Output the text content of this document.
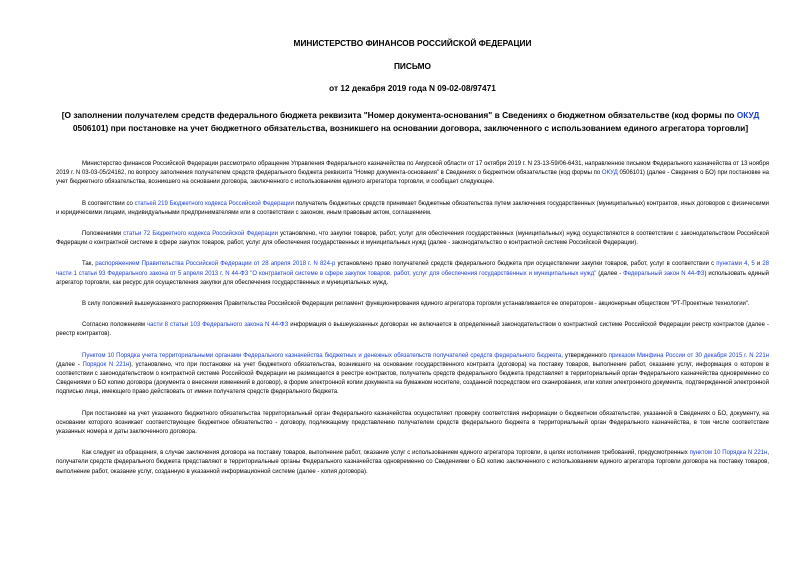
МИНИСТЕРСТВО ФИНАНСОВ РОССИЙСКОЙ ФЕДЕРАЦИИ
ПИСЬМО
от 12 декабря 2019 года N 09-02-08/97471
[О заполнении получателем средств федерального бюджета реквизита "Номер документа-основания" в Сведениях о бюджетном обязательстве (код формы по ОКУД 0506101) при постановке на учет бюджетного обязательства, возникшего на основании договора, заключенного с использованием единого агрегатора торговли]

Министерство финансов Российской Федерации рассмотрело обращение Управления Федерального казначейства по Амурской области от 17 октября 2019 г. N 23-13-59/06-6431, направленное письмом Федерального казначейства от 13 ноября 2019 г. N 03-03-05/24162, по вопросу заполнения получателем средств федерального бюджета реквизита "Номер документа-основания" в Сведениях о бюджетном обязательстве (код формы по ОКУД 0506101) (далее - Сведения о БО) при постановке на учет бюджетного обязательства, возникшего на основании договора, заключенного с использованием единого агрегатора торговли, и сообщает следующее.

В соответствии со статьей 219 Бюджетного кодекса Российской Федерации получатель бюджетных средств принимает бюджетные обязательства путем заключения государственных (муниципальных) контрактов, иных договоров с физическими и юридическими лицами, индивидуальными предпринимателями или в соответствии с законом, иным правовым актом, соглашением.

Положениями статьи 72 Бюджетного кодекса Российской Федерации установлено, что закупки товаров, работ, услуг для обеспечения государственных (муниципальных) нужд осуществляются в соответствии с законодательством Российской Федерации о контрактной системе в сфере закупок товаров, работ, услуг для обеспечения государственных и муниципальных нужд (далее - законодательство о контрактной системе Российской Федерации).

Так, распоряжением Правительства Российской Федерации от 28 апреля 2018 г. N 824-р установлено право получателей средств федерального бюджета при осуществлении закупки товаров, работ, услуг в соответствии с пунктами 4, 5 и 28 части 1 статьи 93 Федерального закона от 5 апреля 2013 г. N 44-ФЗ "О контрактной системе в сфере закупок товаров, работ, услуг для обеспечения государственных и муниципальных нужд" (далее - Федеральный закон N 44-ФЗ) использовать единый агрегатор торговли, как ресурс для осуществления закупки для обеспечения государственных и муниципальных нужд.

В силу положений вышеуказанного распоряжения Правительства Российской Федерации регламент функционирования единого агрегатора торговли устанавливается ее оператором - акционерным обществом "РТ-Проектные технологии".

Согласно положениям части 8 статьи 103 Федерального закона N 44-ФЗ информация о вышеуказанных договорах не включается в определенный законодательством о контрактной системе Российской Федерации реестр контрактов (далее - реестр контрактов).

Пунктом 10 Порядка учета территориальными органами Федерального казначейства бюджетных и денежных обязательств получателей средств федерального бюджета, утвержденного приказом Минфина России от 30 декабря 2015 г. N 221н (далее - Порядок N 221н), установлено, что при постановке на учет бюджетного обязательства, возникшего на основании государственного контракта (договора) на поставку товаров, выполнение работ, оказание услуг, информация о котором в соответствии с законодательством о контрактной системе Российской Федерации не размещается в реестре контрактов, получатель средств федерального бюджета представляет в территориальный орган Федерального казначейства одновременно со Сведениями о БО копию договора (документа о внесении изменений в договор), в форме электронной копии документа на бумажном носителе, созданной посредством его сканирования, или копии электронного документа, подтвержденной электронной подписью лица, имеющего право действовать от имени получателя средств федерального бюджета.

При постановке на учет указанного бюджетного обязательства территориальный орган Федерального казначейства осуществляет проверку соответствия информации о бюджетном обязательстве, указанной в Сведениях о БО, документу, на основании которого возникает соответствующее бюджетное обязательство - договору, подлежащему представлению получателем средств федерального бюджета в территориальный орган Федерального казначейства, в том числе соответствие указанных номера и даты заключенного договора.

Как следует из обращения, в случае заключения договора на поставку товаров, выполнение работ, оказание услуг с использованием единого агрегатора торговли, в целях исполнения требований, предусмотренных пунктом 10 Порядка N 221н, получатели средств федерального бюджета представляют в территориальные органы Федерального казначейства одновременно со Сведениями о БО копию заключенного с использованием единого агрегатора торговли договора на поставку товаров, выполнение работ, оказание услуг, созданную в указанной информационной системе (далее - копия договора).
